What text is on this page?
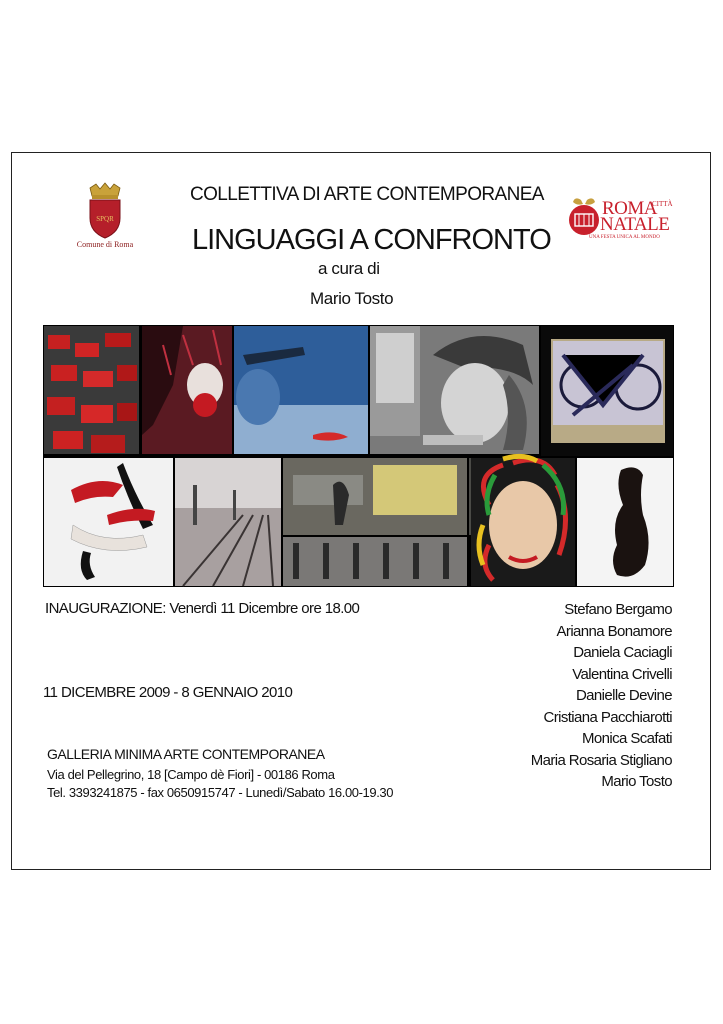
SPQR
Comune di Roma
ROMA
CITTÀ
NATALE
UNA FESTA UNICA AL MONDO
COLLETTIVA DI ARTE CONTEMPORANEA
LINGUAGGI A CONFRONTO
a cura di
Mario Tosto
INAUGURAZIONE: Venerdì 11 Dicembre ore 18.00
11 DICEMBRE 2009 - 8 GENNAIO 2010
GALLERIA MINIMA ARTE CONTEMPORANEA
Via del Pellegrino, 18 [Campo dè Fiori] - 00186 Roma
Tel. 3393241875 - fax 0650915747 - Lunedì/Sabato 16.00-19.30
Stefano Bergamo
Arianna Bonamore
Daniela Caciagli
Valentina Crivelli
Danielle Devine
Cristiana Pacchiarotti
Monica Scafati
Maria Rosaria Stigliano
Mario Tosto
